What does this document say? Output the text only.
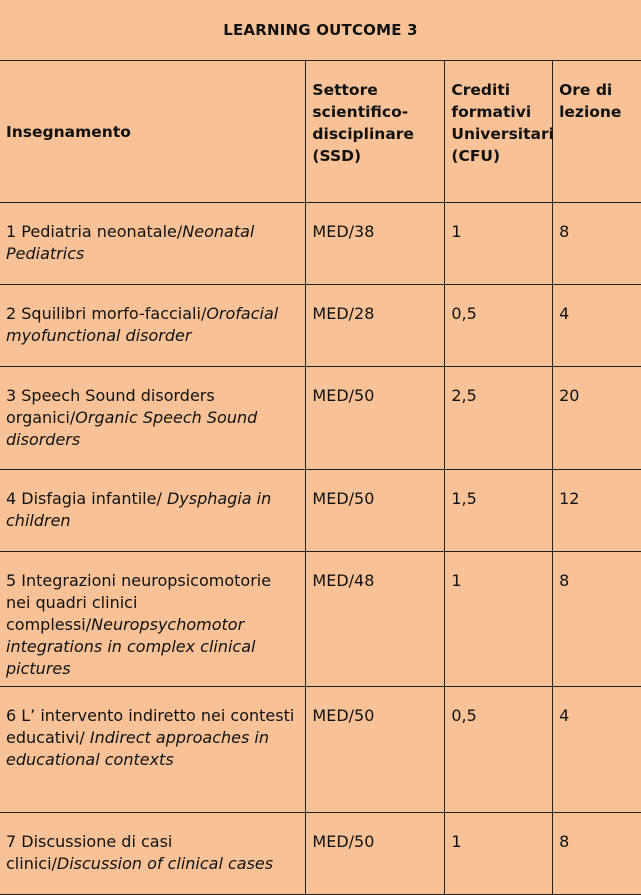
LEARNING OUTCOME 3			
Insegnamento	Settore scientifico-disciplinare (SSD)	Crediti formativi Universitari (CFU)	Ore di lezione
1 Pediatria neonatale/Neonatal Pediatrics	MED/38	1	8
2 Squilibri morfo-facciali/Orofacial myofunctional disorder	MED/28	0,5	4
3 Speech Sound disorders organici/Organic Speech Sound disorders	MED/50	2,5	20
4 Disfagia infantile/ Dysphagia in children	MED/50	1,5	12
5 Integrazioni neuropsicomotorie nei quadri clinici complessi/Neuropsychomotor integrations in complex clinical pictures	MED/48	1	8
6 L’ intervento indiretto nei contesti educativi/ Indirect approaches in educational contexts	MED/50	0,5	4
7 Discussione di casi clinici/Discussion of clinical cases	MED/50	1	8
